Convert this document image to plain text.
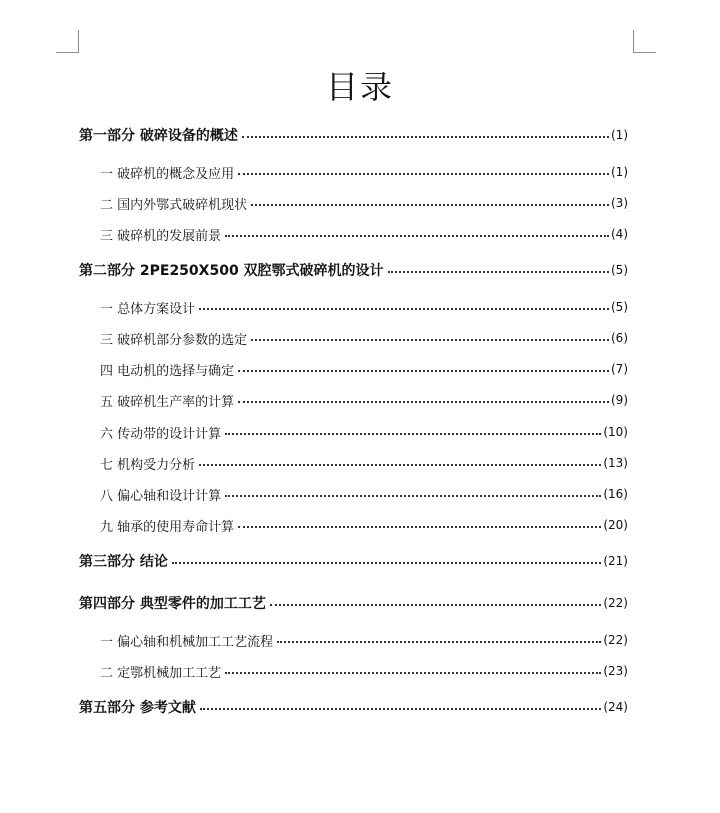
目录
第一部分 破碎设备的概述	(1)
一 破碎机的概念及应用	(1)
二 国内外鄂式破碎机现状	(3)
三 破碎机的发展前景	(4)
第二部分 2PE250X500 双腔鄂式破碎机的设计	(5)
一 总体方案设计	(5)
三 破碎机部分参数的选定	(6)
四 电动机的选择与确定	(7)
五 破碎机生产率的计算	(9)
六 传动带的设计计算	(10)
七 机构受力分析	(13)
八 偏心轴和设计计算	(16)
九 轴承的使用寿命计算	(20)
第三部分 结论	(21)
第四部分 典型零件的加工工艺	(22)
一 偏心轴和机械加工工艺流程	(22)
二 定鄂机械加工工艺	(23)
第五部分 参考文献	(24)
